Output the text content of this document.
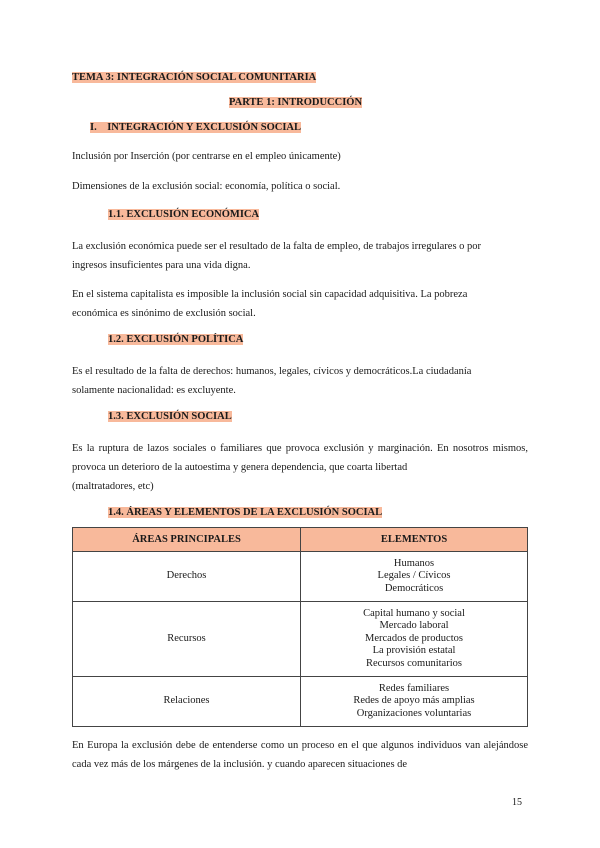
TEMA 3: INTEGRACIÓN SOCIAL COMUNITARIA
PARTE 1: INTRODUCCIÓN
I.    INTEGRACIÓN Y EXCLUSIÓN SOCIAL
Inclusión por Inserción (por centrarse en el empleo únicamente)
Dimensiones de la exclusión social: economía, política o social.
1.1. EXCLUSIÓN ECONÓMICA
La exclusión económica puede ser el resultado de la falta de empleo, de trabajos irregulares o por
ingresos insuficientes para una vida digna.
En el sistema capitalista es imposible la inclusión social sin capacidad adquisitiva. La pobreza
económica es sinónimo de exclusión social.
1.2. EXCLUSIÓN POLÍTICA
Es el resultado de la falta de derechos: humanos, legales, cívicos y democráticos.La ciudadanía
solamente nacionalidad: es excluyente.
1.3. EXCLUSIÓN SOCIAL
Es la ruptura de lazos sociales o familiares que provoca exclusión y marginación. En nosotros mismos, provoca un deterioro de la autoestima y genera dependencia, que coarta libertad
(maltratadores, etc)
1.4. ÁREAS Y ELEMENTOS DE LA EXCLUSIÓN SOCIAL
ÁREAS PRINCIPALES	ELEMENTOS
Derechos	Humanos
Legales / Cívicos
Democráticos

Recursos	Capital humano y social
Mercado laboral
Mercados de productos
La provisión estatal
Recursos comunitarios

Relaciones	Redes familiares
Redes de apoyo más amplias
Organizaciones voluntarias
En Europa la exclusión debe de entenderse como un proceso en el que algunos individuos van alejándose cada vez más de los márgenes de la inclusión. y cuando aparecen situaciones de
15
